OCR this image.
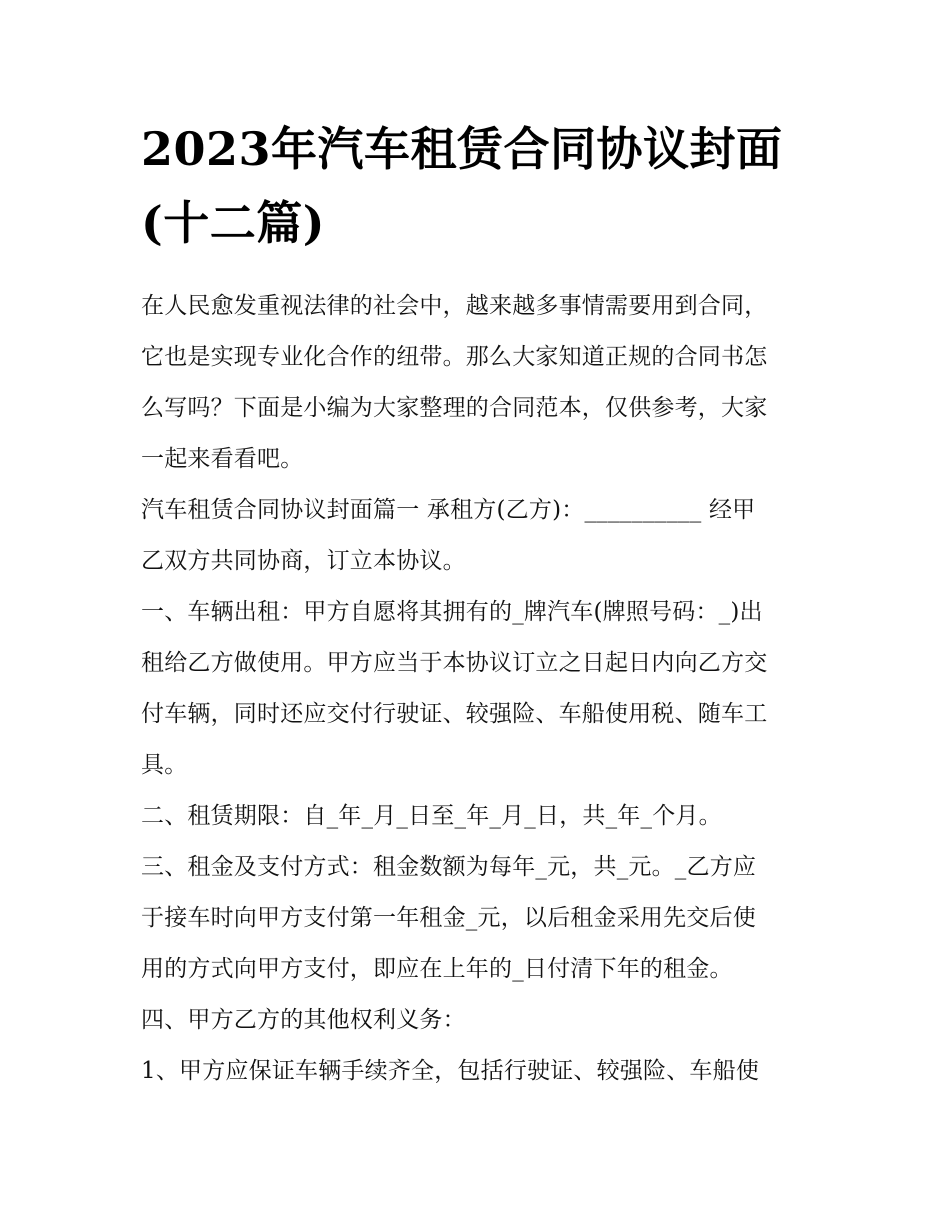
2023年汽车租赁合同协议封面
(十二篇)

在人民愈发重视法律的社会中，越来越多事情需要用到合同，
它也是实现专业化合作的纽带。那么大家知道正规的合同书怎
么写吗？下面是小编为大家整理的合同范本，仅供参考，大家
一起来看看吧。

汽车租赁合同协议封面篇一 承租方(乙方)：__________ 经甲
乙双方共同协商，订立本协议。

一、车辆出租：甲方自愿将其拥有的_牌汽车(牌照号码：_)出
租给乙方做使用。甲方应当于本协议订立之日起日内向乙方交
付车辆，同时还应交付行驶证、较强险、车船使用税、随车工
具。

二、租赁期限：自_年_月_日至_年_月_日，共_年_个月。

三、租金及支付方式：租金数额为每年_元，共_元。_乙方应
于接车时向甲方支付第一年租金_元，以后租金采用先交后使
用的方式向甲方支付，即应在上年的_日付清下年的租金。

四、甲方乙方的其他权利义务：

1、甲方应保证车辆手续齐全，包括行驶证、较强险、车船使
